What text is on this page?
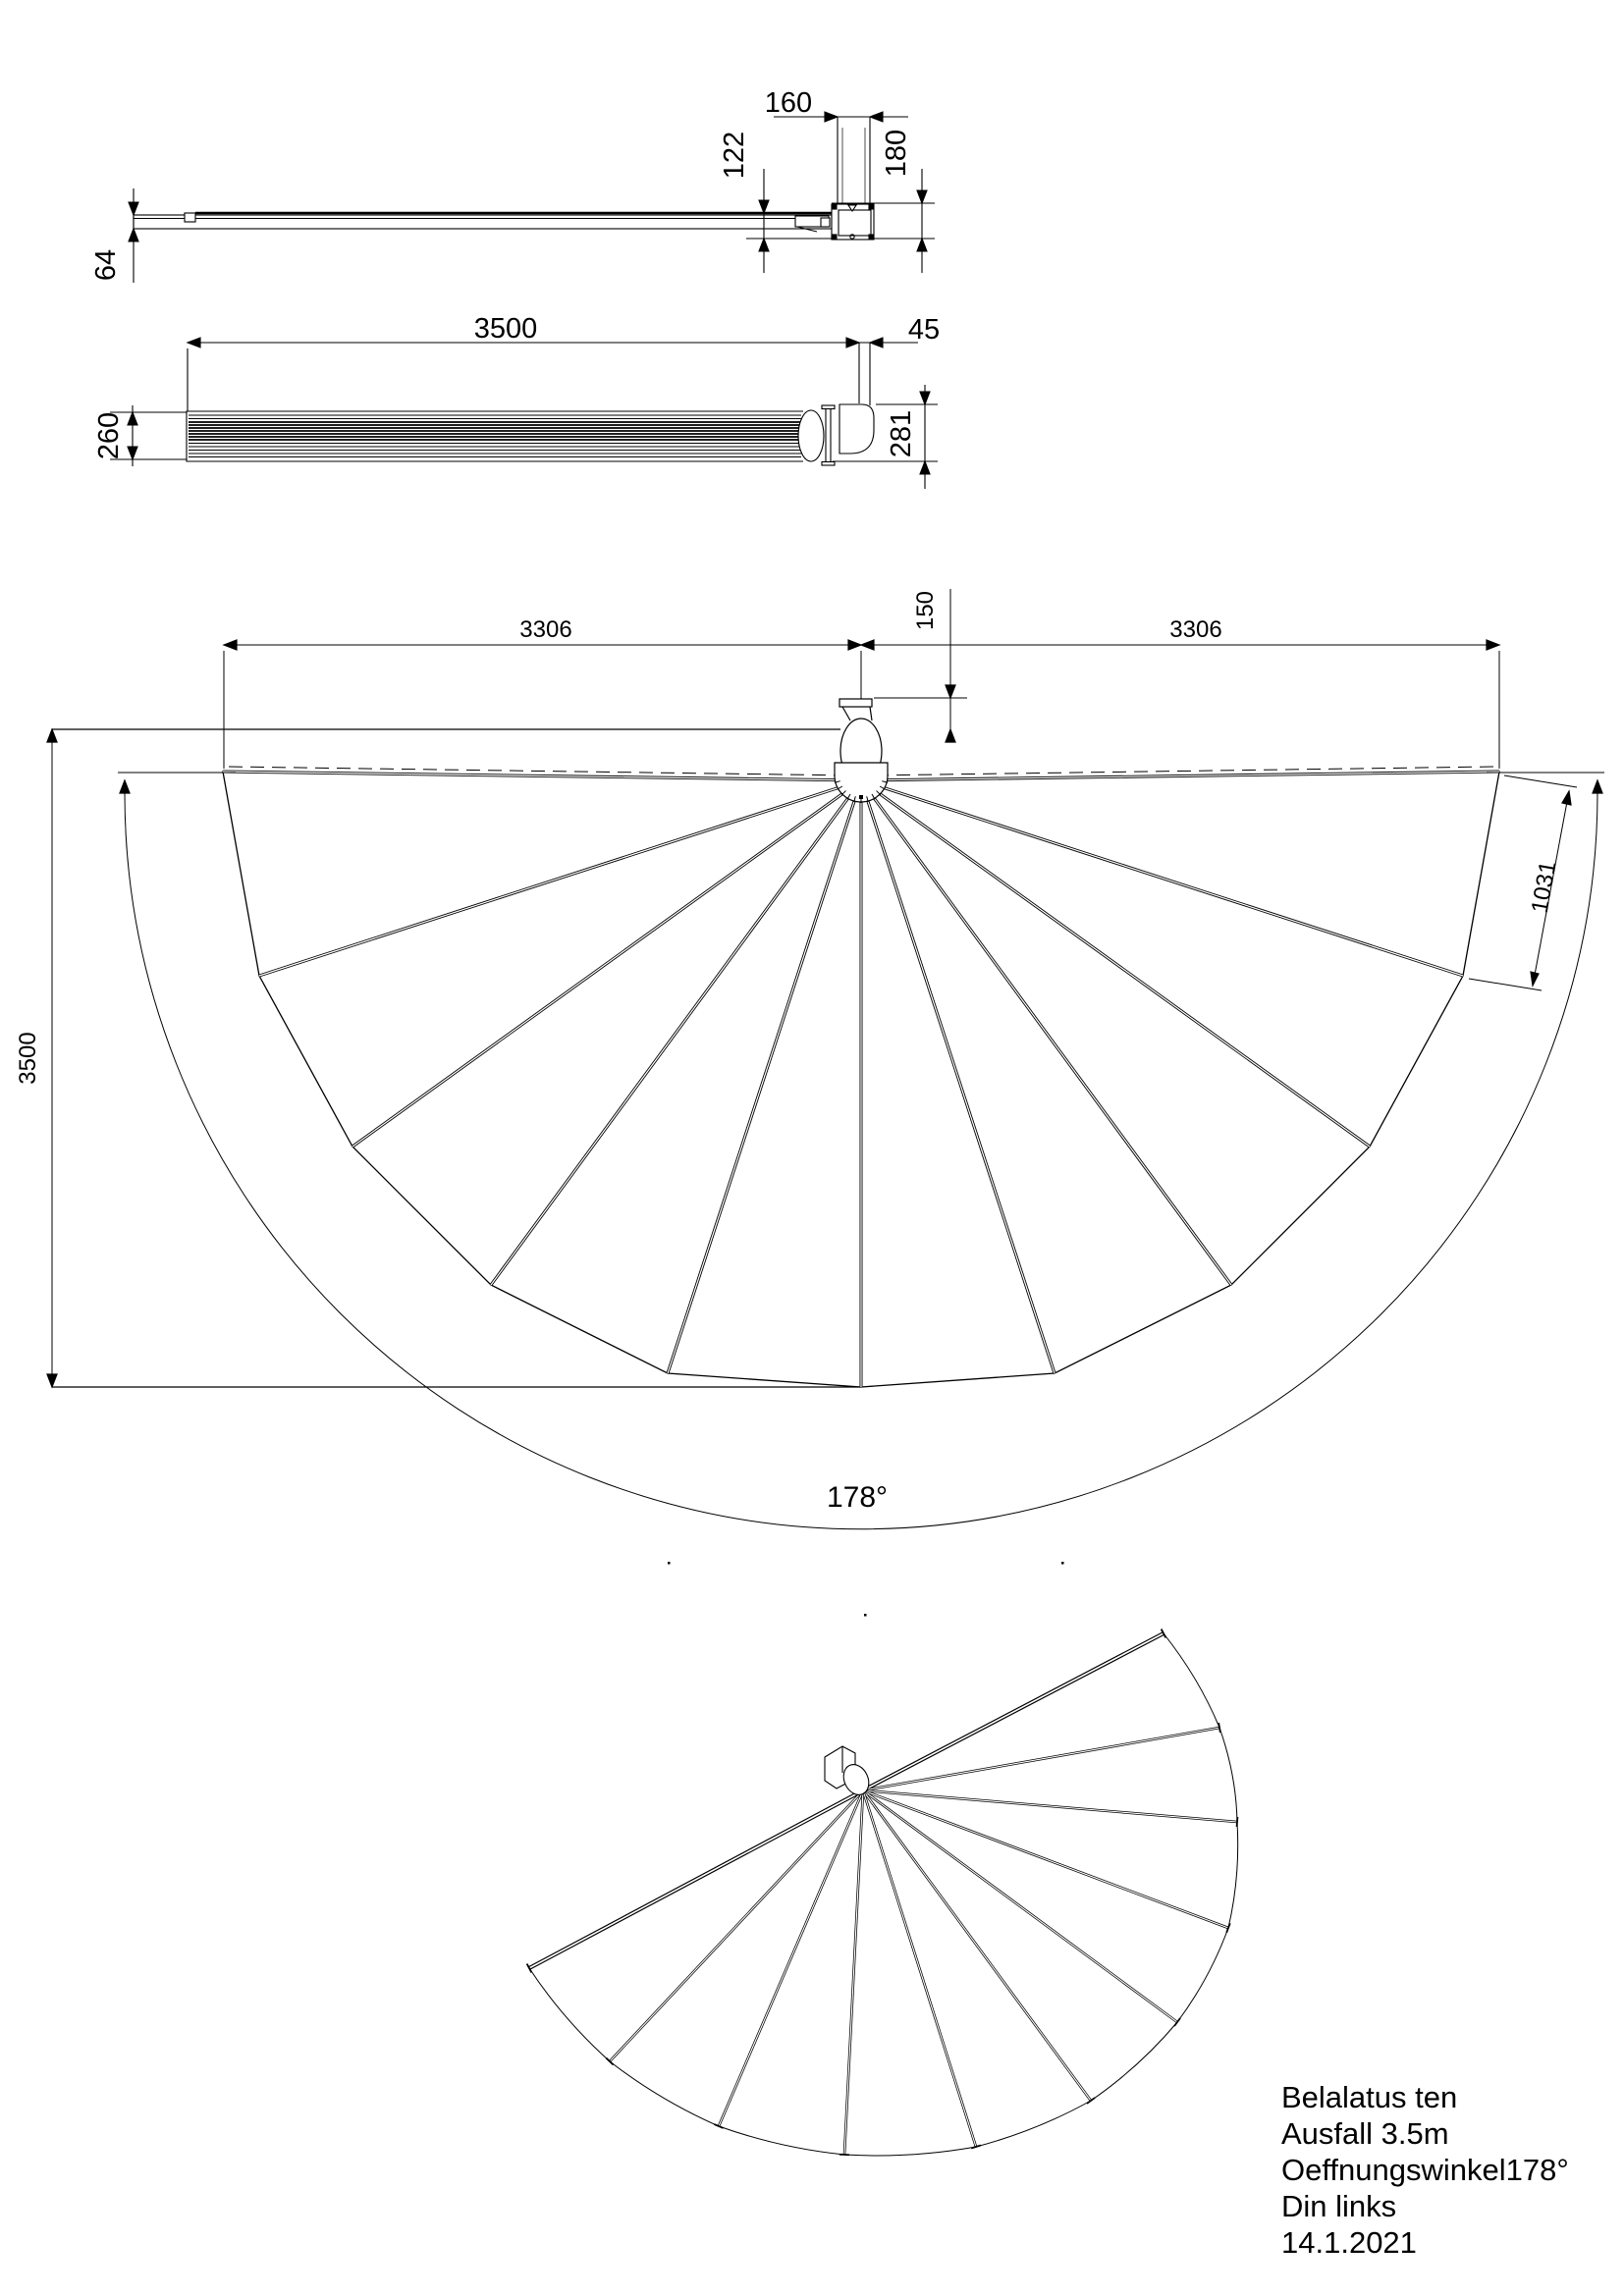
160
122	180
64
3500	45
260	281
3306	3306
150
3500
1031
178°
Belalatus ten
Ausfall 3.5m
Oeffnungswinkel178°
Din links
14.1.2021
